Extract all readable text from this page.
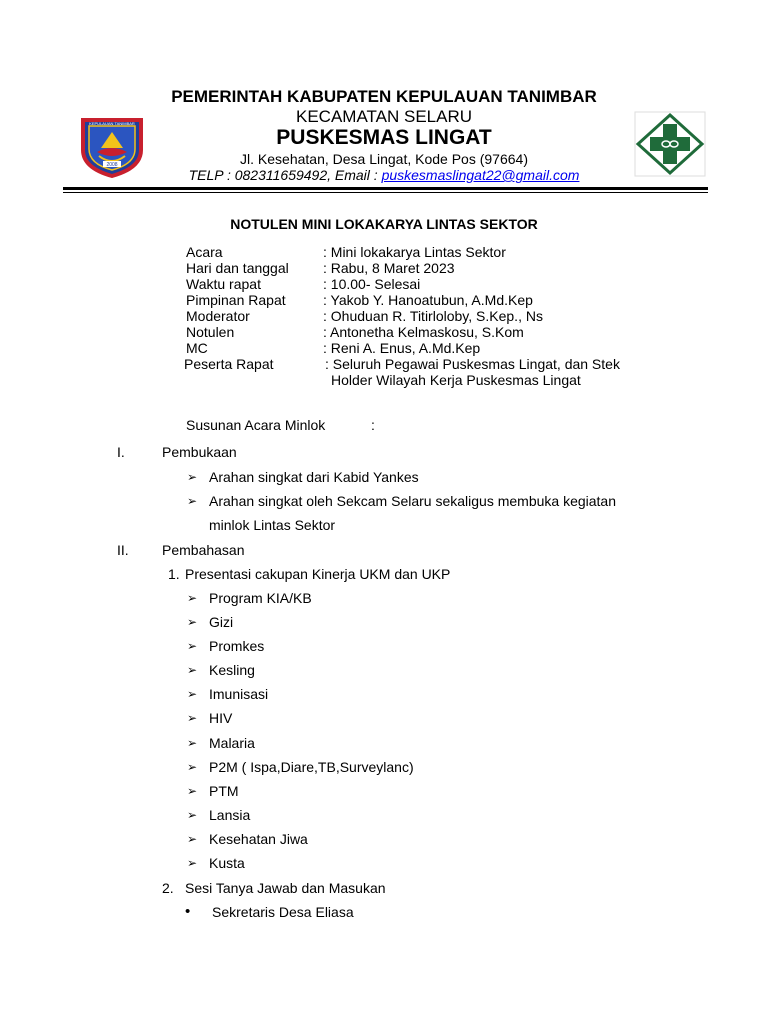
PEMERINTAH KABUPATEN KEPULAUAN TANIMBAR
KECAMATAN SELARU
PUSKESMAS LINGAT
Jl. Kesehatan, Desa Lingat, Kode Pos (97664)
TELP : 082311659492, Email : puskesmaslingat22@gmail.com
KEPULAUAN TANIMBAR
2008
NOTULEN MINI LOKAKARYA LINTAS SEKTOR
Acara	: Mini lokakarya Lintas Sektor
Hari dan tanggal : Rabu, 8 Maret 2023
Waktu rapat	: 10.00- Selesai
Pimpinan Rapat	: Yakob Y. Hanoatubun, A.Md.Kep
Moderator	: Ohuduan R. Titirloloby, S.Kep., Ns
Notulen	: Antonetha Kelmaskosu, S.Kom
MC	: Reni A. Enus, A.Md.Kep
Peserta Rapat	: Seluruh Pegawai Puskesmas Lingat, dan Stek
Holder Wilayah Kerja Puskesmas Lingat
Susunan Acara Minlok	:
I.	Pembukaan
➢ Arahan singkat dari Kabid Yankes
➢ Arahan singkat oleh Sekcam Selaru sekaligus membuka kegiatan
minlok Lintas Sektor
II. Pembahasan
1. Presentasi cakupan Kinerja UKM dan UKP
➢ Program KIA/KB
➢ Gizi
➢ Promkes
➢ Kesling
➢ Imunisasi
➢ HIV
➢ Malaria
➢ P2M ( Ispa,Diare,TB,Surveylanc)
➢ PTM
➢ Lansia
➢ Kesehatan Jiwa
➢ Kusta
2. Sesi Tanya Jawab dan Masukan
• Sekretaris Desa Eliasa
